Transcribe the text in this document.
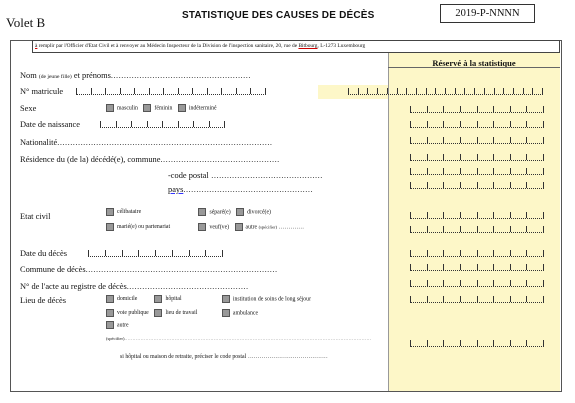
Volet B	STATISTIQUE DES CAUSES DE DÉCÈS	2019-P-NNNN
Réservé à la statistique
à remplir par l'Officier d'Etat Civil et à renvoyer au Médecin Inspecteur de la Division de l'inspection sanitaire, 20, rue de Bitbourg, L-1273 Luxembourg
Nom (de jeune fille) et prénoms......................................................
N° matricule
Sexe	masculin	féminin	indéterminé
Date de naissance
Nationalité...................................................................................
Résidence du (de la) décédé(e), commune..............................................
-code postal ...........................................
pays..................................................
Etat civil	célibataire	séparé(e)	divorcé(e)
marié(e) ou partenariat	veuf(ve)	autre (spécifier) .............
Date du décès
Commune de décès..........................................................................
N° de l'acte au registre de décès...............................................
Lieu de décès	domicile	hôpital	institution de soins de long séjour
voie publique	lieu de travail	ambulance
autre
(spécifier)........................................................................................................................................................
si hôpital ou maison de retraite, préciser le code postal .........................................
